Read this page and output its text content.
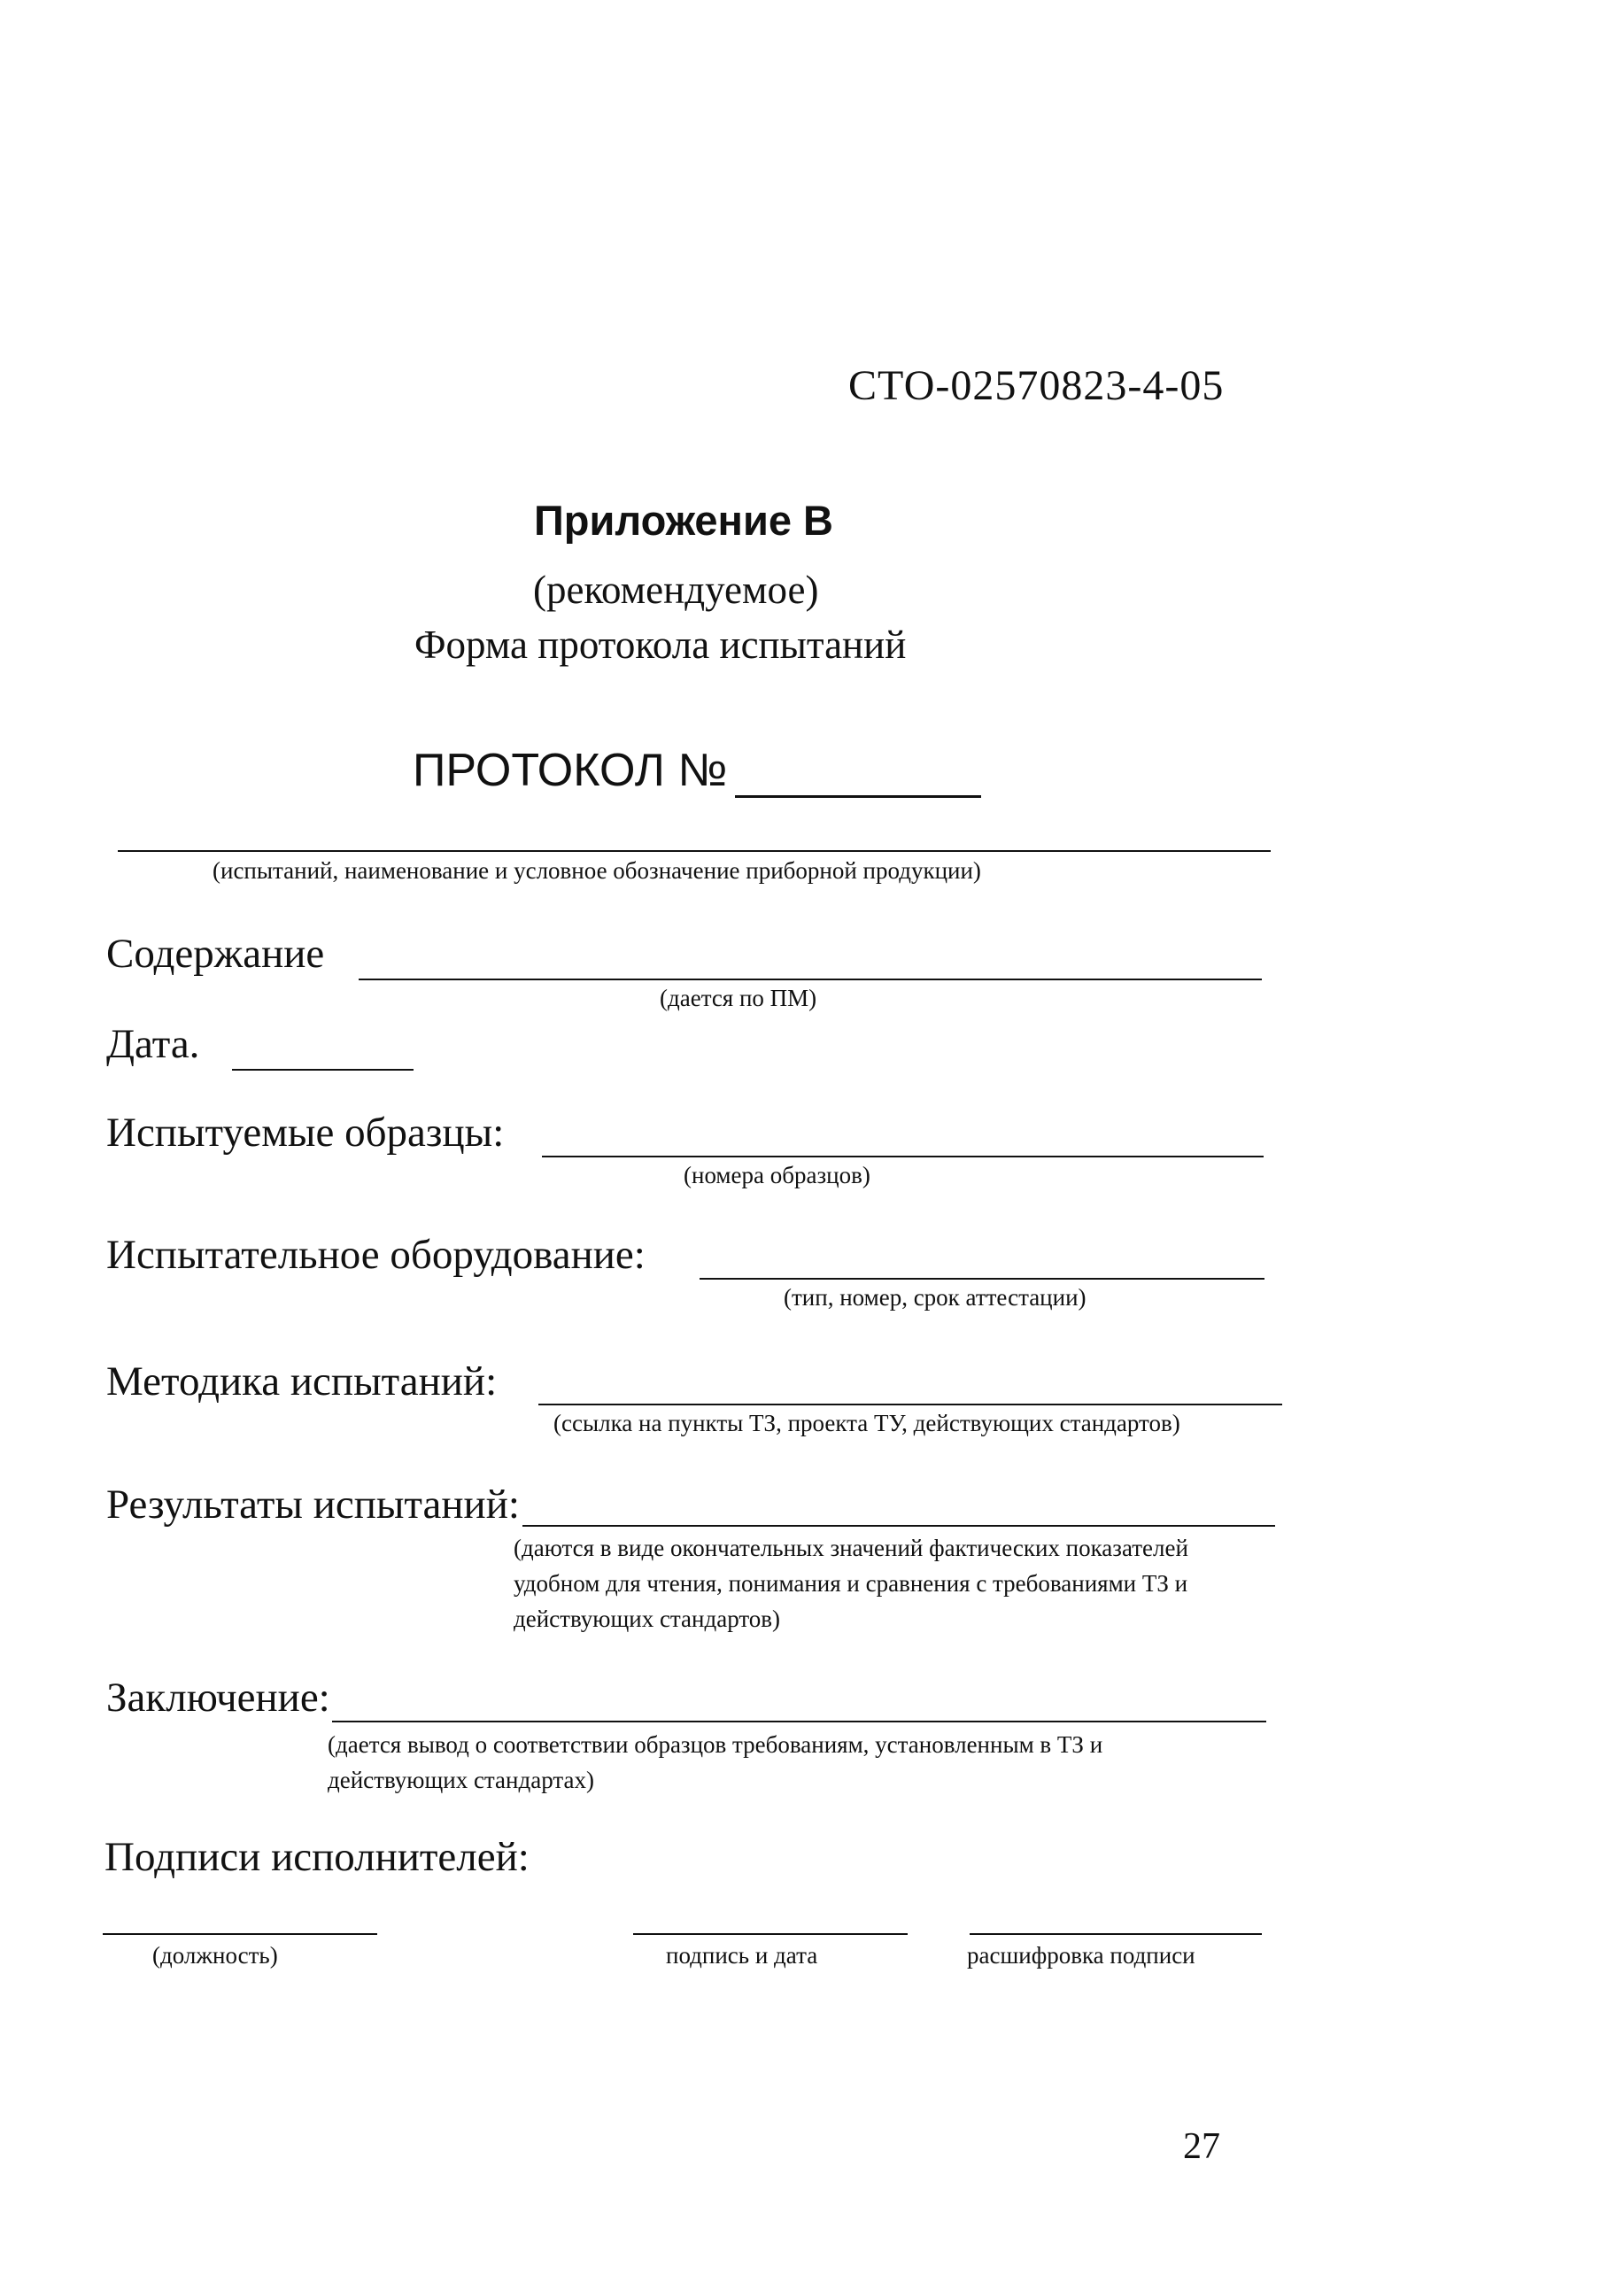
СТО-02570823-4-05
Приложение В
(рекомендуемое)
Форма протокола испытаний
ПРОТОКОЛ №
(испытаний, наименование и условное обозначение приборной продукции)
Содержание
(дается по ПМ)
Дата.
Испытуемые образцы:
(номера образцов)
Испытательное оборудование:
(тип, номер, срок аттестации)
Методика испытаний:
(ссылка на пункты ТЗ, проекта ТУ, действующих стандартов)
Результаты испытаний:
(даются в виде окончательных значений фактических показателей удобном для чтения, понимания и сравнения с требованиями ТЗ и действующих стандартов)
Заключение:
(дается вывод о соответствии образцов требованиям, установленным в ТЗ и действующих стандартах)
Подписи исполнителей:
(должность)	подпись и дата	расшифровка подписи
27
